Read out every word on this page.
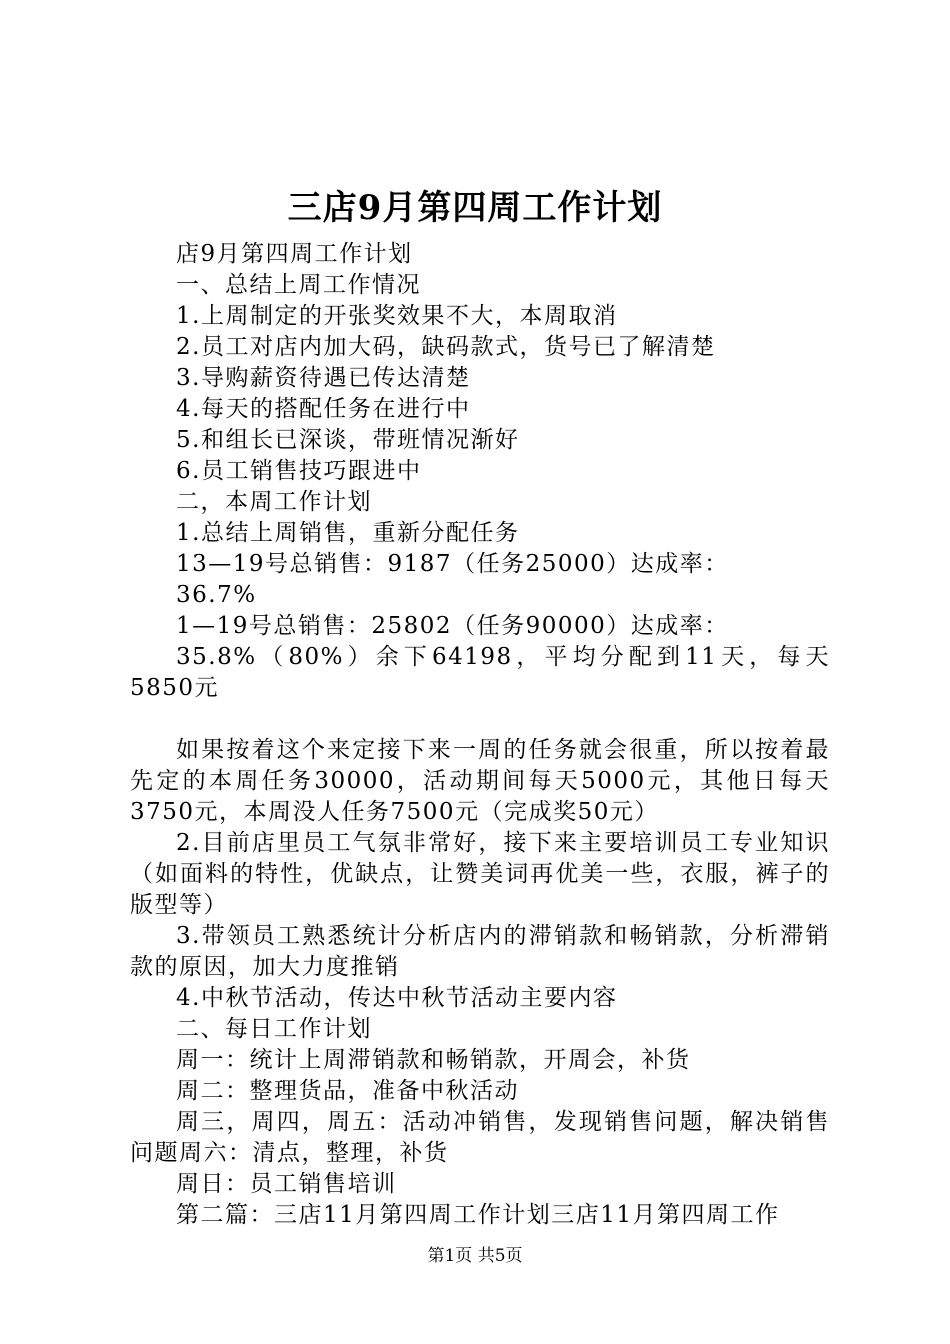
三店9月第四周工作计划

店9月第四周工作计划

一、总结上周工作情况

1.上周制定的开张奖效果不大，本周取消

2.员工对店内加大码，缺码款式，货号已了解清楚

3.导购薪资待遇已传达清楚

4.每天的搭配任务在进行中

5.和组长已深谈，带班情况渐好

6.员工销售技巧跟进中

二，本周工作计划

1.总结上周销售，重新分配任务

13—19号总销售：9187（任务25000）达成率：

36.7%

1—19号总销售：25802（任务90000）达成率：

35.8%（80%）余下64198，平均分配到11天，每天5850元

如果按着这个来定接下来一周的任务就会很重，所以按着最先定的本周任务30000，活动期间每天5000元，其他日每天3750元，本周没人任务7500元（完成奖50元）

2.目前店里员工气氛非常好，接下来主要培训员工专业知识（如面料的特性，优缺点，让赞美词再优美一些，衣服，裤子的版型等）

3.带领员工熟悉统计分析店内的滞销款和畅销款，分析滞销款的原因，加大力度推销

4.中秋节活动，传达中秋节活动主要内容

二、每日工作计划

周一：统计上周滞销款和畅销款，开周会，补货

周二：整理货品，准备中秋活动

周三，周四，周五：活动冲销售，发现销售问题，解决销售问题周六：清点，整理，补货

周日：员工销售培训

第二篇：三店11月第四周工作计划三店11月第四周工作

第1页 共5页
